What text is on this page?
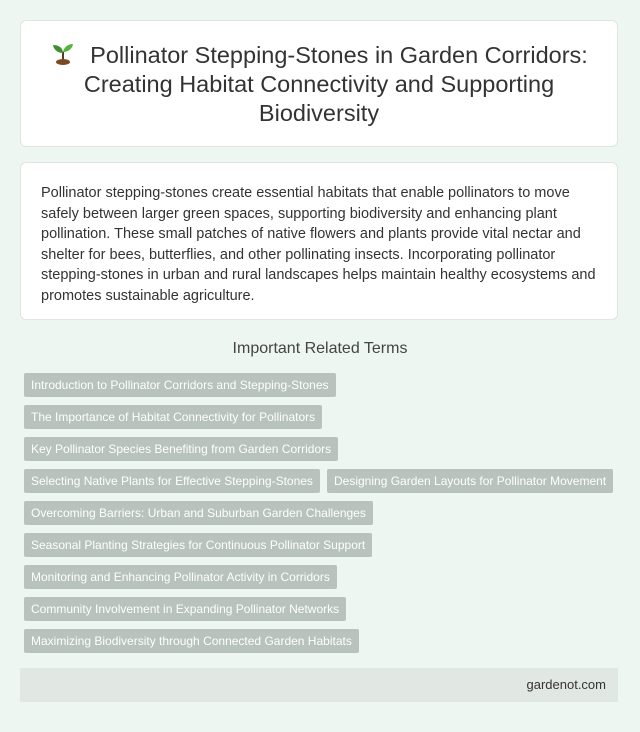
Pollinator Stepping-Stones in Garden Corridors: Creating Habitat Connectivity and Supporting Biodiversity

Pollinator stepping-stones create essential habitats that enable pollinators to move safely between larger green spaces, supporting biodiversity and enhancing plant pollination. These small patches of native flowers and plants provide vital nectar and shelter for bees, butterflies, and other pollinating insects. Incorporating pollinator stepping-stones in urban and rural landscapes helps maintain healthy ecosystems and promotes sustainable agriculture.

Important Related Terms
Introduction to Pollinator Corridors and Stepping-Stones
The Importance of Habitat Connectivity for Pollinators
Key Pollinator Species Benefiting from Garden Corridors
Selecting Native Plants for Effective Stepping-Stones	Designing Garden Layouts for Pollinator Movement
Overcoming Barriers: Urban and Suburban Garden Challenges
Seasonal Planting Strategies for Continuous Pollinator Support
Monitoring and Enhancing Pollinator Activity in Corridors
Community Involvement in Expanding Pollinator Networks
Maximizing Biodiversity through Connected Garden Habitats
gardenot.com
